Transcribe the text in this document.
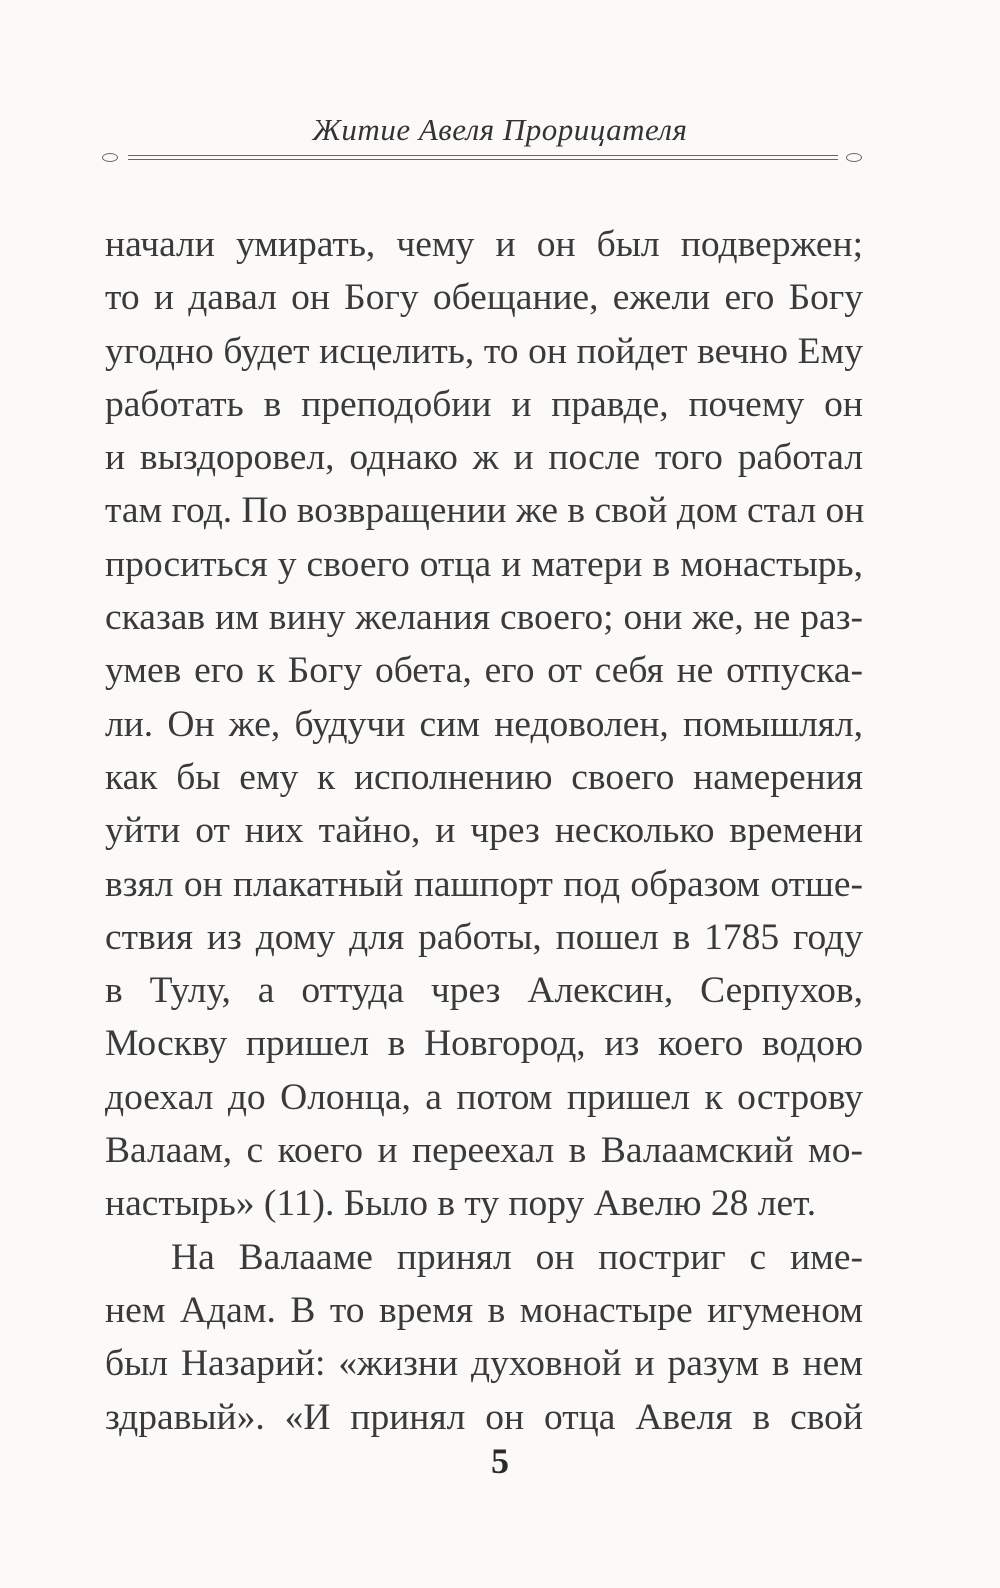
Житие Авеля Прорицателя
начали умирать, чему и он был подвержен;
то и давал он Богу обещание, ежели его Богу
угодно будет исцелить, то он пойдет вечно Ему
работать в преподобии и правде, почему он
и выздоровел, однако ж и после того работал
там год. По возвращении же в свой дом стал он
проситься у своего отца и матери в монастырь,
сказав им вину желания своего; они же, не раз-
умев его к Богу обета, его от себя не отпуска-
ли. Он же, будучи сим недоволен, помышлял,
как бы ему к исполнению своего намерения
уйти от них тайно, и чрез несколько времени
взял он плакатный пашпорт под образом отше-
ствия из дому для работы, пошел в 1785 году
в Тулу, а оттуда чрез Алексин, Серпухов,
Москву пришел в Новгород, из коего водою
доехал до Олонца, а потом пришел к острову
Валаам, с коего и переехал в Валаамский мо-
настырь» (11). Было в ту пору Авелю 28 лет.
На Валааме принял он постриг с име-
нем Адам. В то время в монастыре игуменом
был Назарий: «жизни духовной и разум в нем
здравый». «И принял он отца Авеля в свой
5
